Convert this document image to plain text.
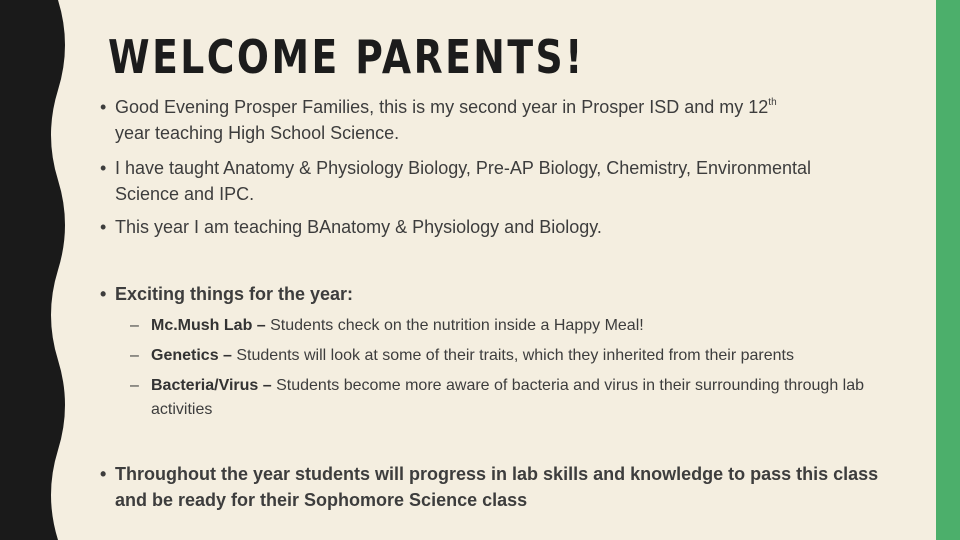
WELCOME PARENTS!
• Good Evening Prosper Families, this is my second year in Prosper ISD and my 12th
year teaching High School Science.
• I have taught Anatomy & Physiology Biology, Pre-AP Biology, Chemistry, Environmental Science and IPC.
• This year I am teaching BAnatomy & Physiology and Biology.
• Exciting things for the year:
– Mc.Mush Lab – Students check on the nutrition inside a Happy Meal!
– Genetics – Students will look at some of their traits, which they inherited from their parents
– Bacteria/Virus – Students become more aware of bacteria and virus in their surrounding through lab activities
• Throughout the year students will progress in lab skills and knowledge to pass this class and be ready for their Sophomore Science class
